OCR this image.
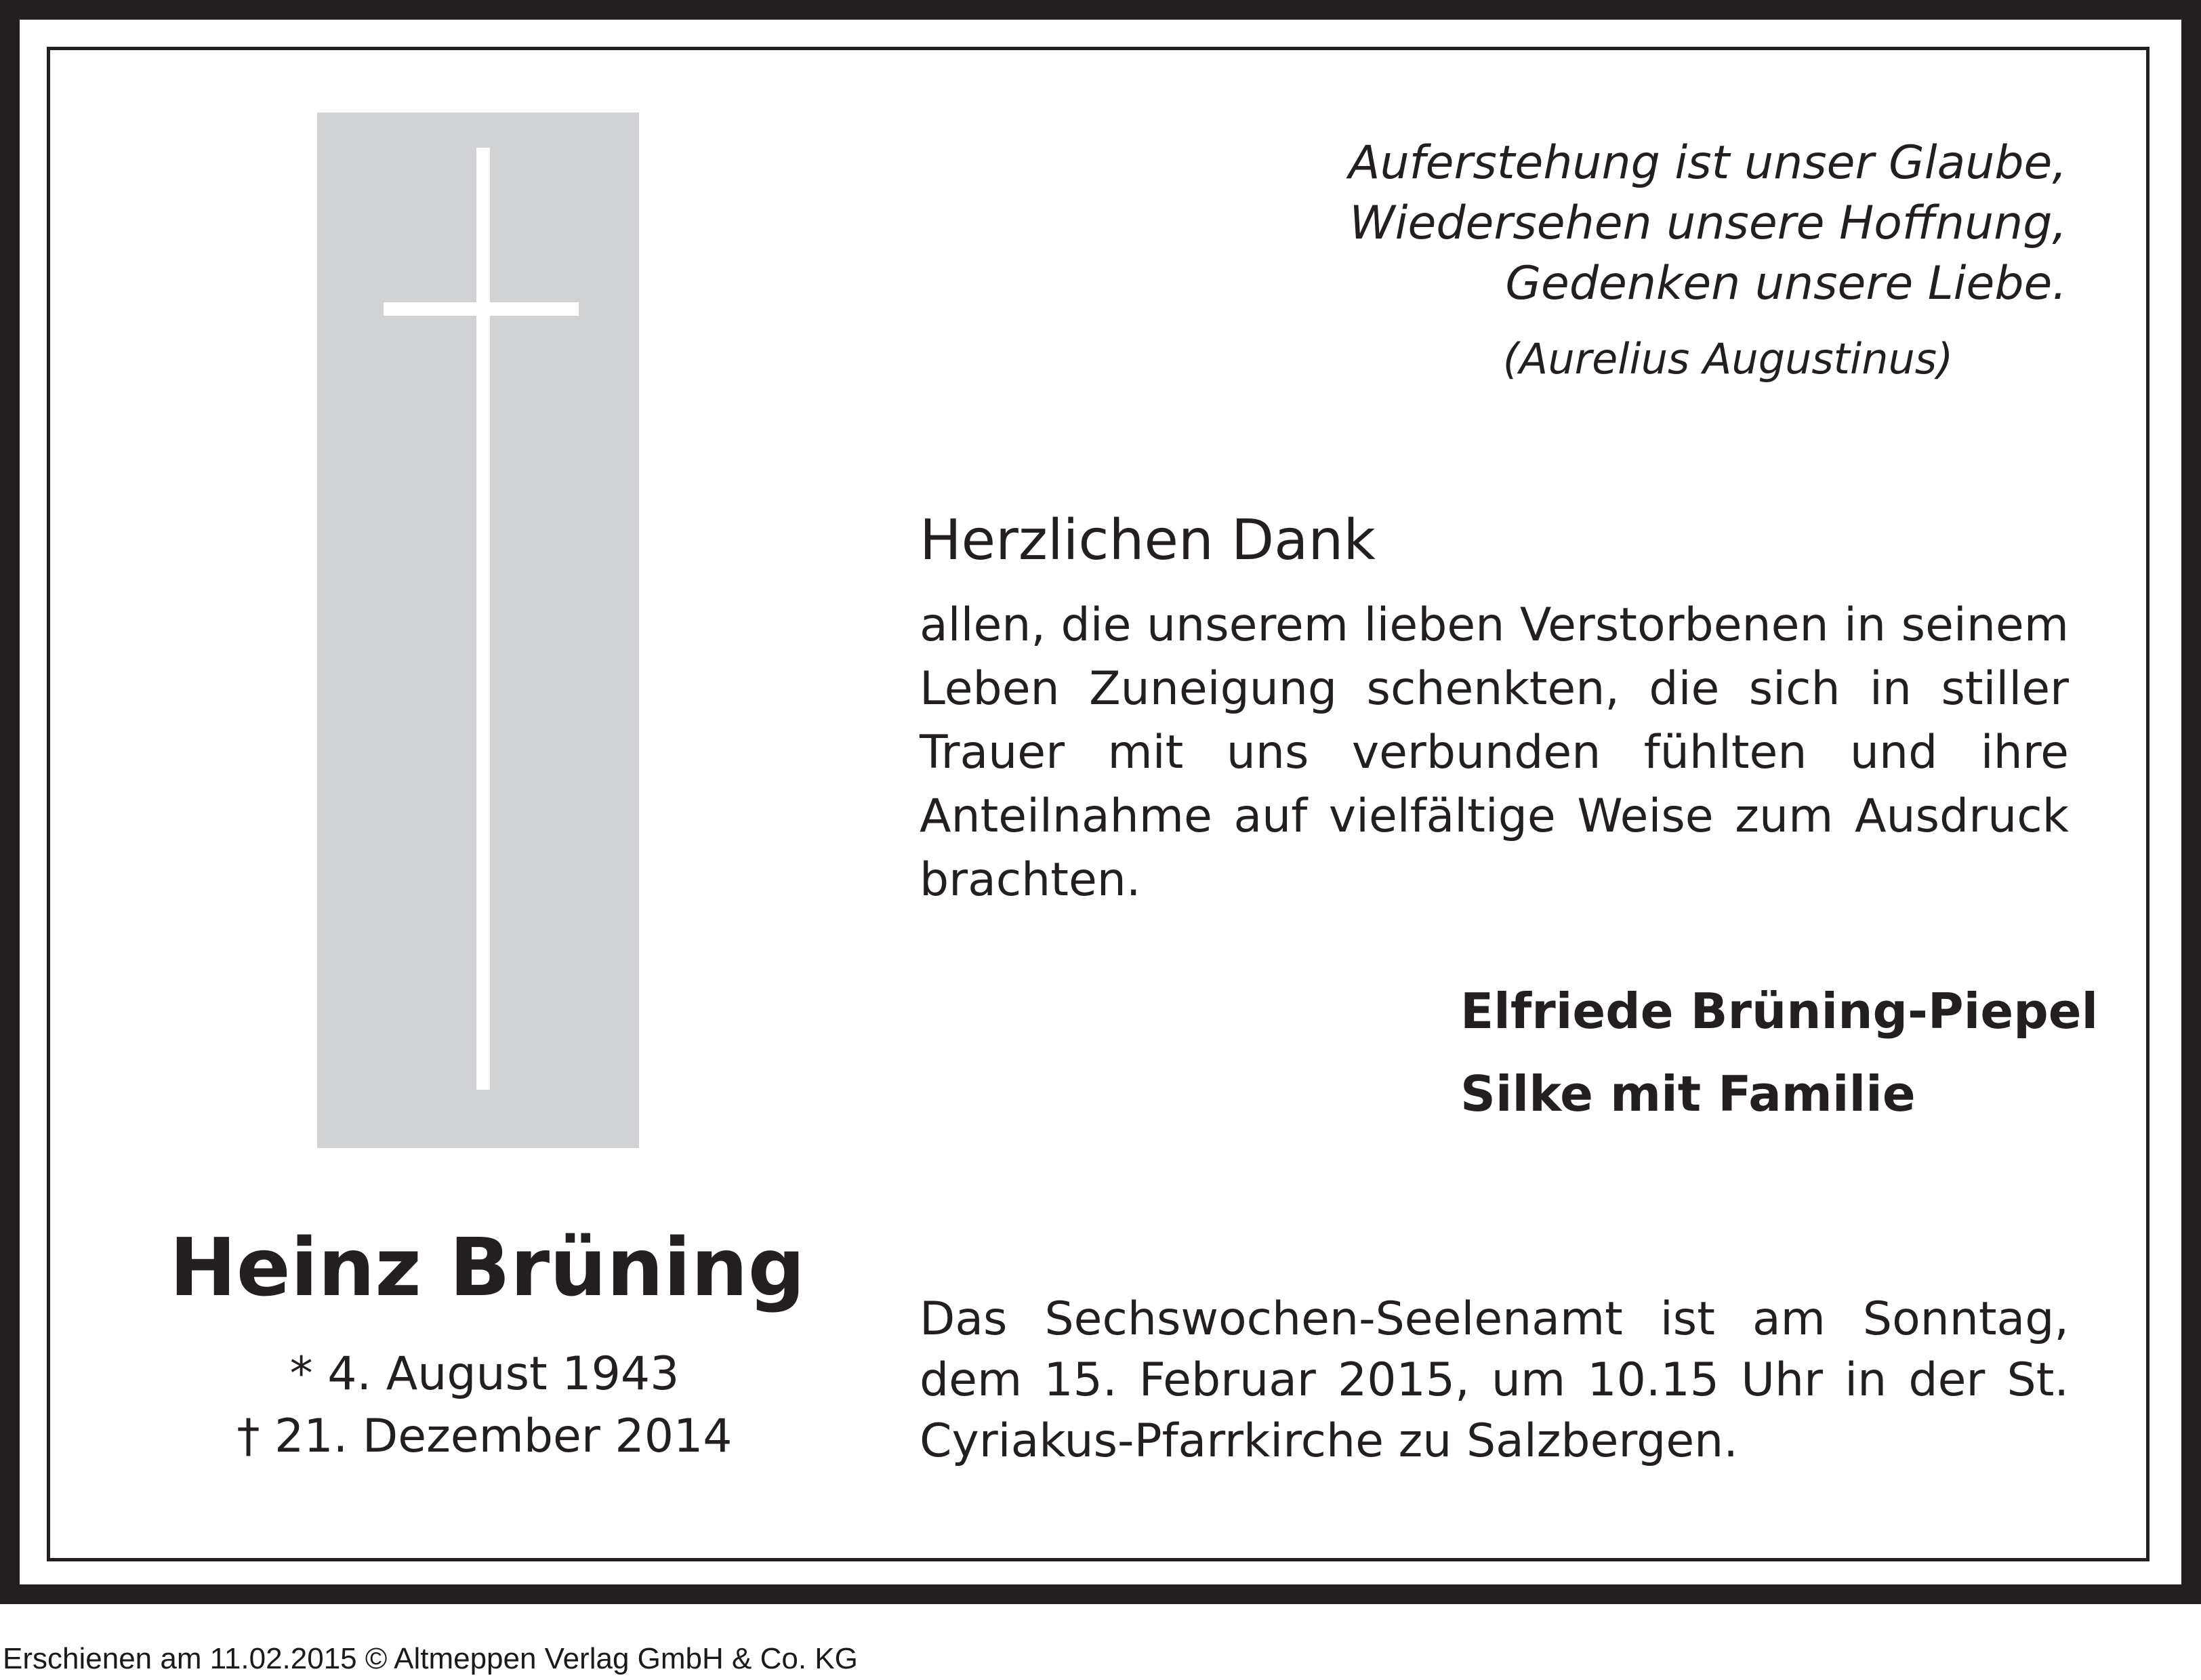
Auferstehung ist unser Glaube,
Wiedersehen unsere Hoffnung,
Gedenken unsere Liebe.
(Aurelius Augustinus)
Herzlichen Dank
allen, die unserem lieben Verstorbenen in seinem Leben Zuneigung schenkten, die sich in stiller Trauer mit uns verbunden fühlten und ihre Anteilnahme auf vielfältige Weise zum Ausdruck brachten.
Elfriede Brüning-Piepel
Silke mit Familie
Heinz Brüning
* 4. August 1943
† 21. Dezember 2014
Das Sechswochen-Seelenamt ist am Sonntag, dem 15. Februar 2015, um 10.15 Uhr in der St. Cyriakus-Pfarrkirche zu Salzbergen.
Erschienen am 11.02.2015 © Altmeppen Verlag GmbH & Co. KG
